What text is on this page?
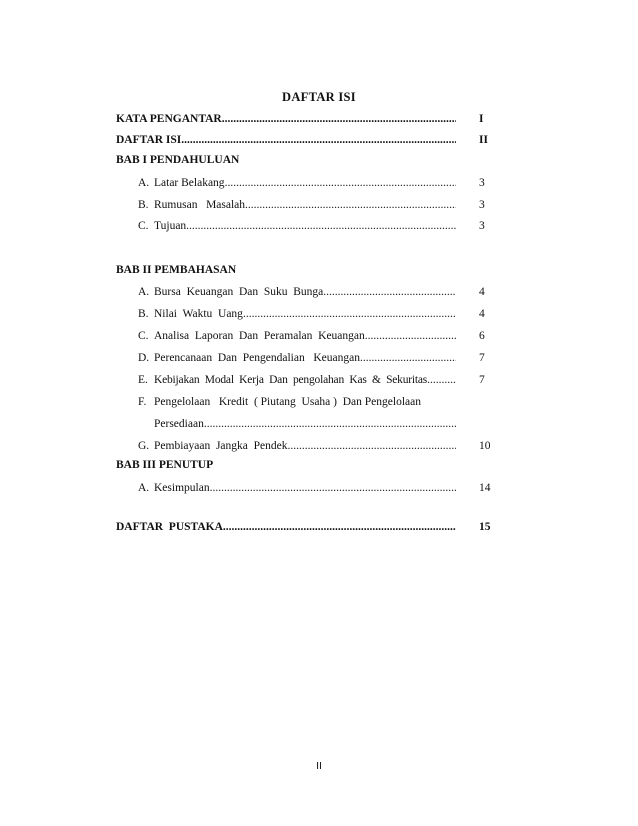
DAFTAR ISI
KATA PENGANTAR .....	I
DAFTAR ISI .....	II
BAB I PENDAHULUAN
A. Latar Belakang .....	3
B. Rumusan   Masalah .....	3
C. Tujuan .....	3
BAB II PEMBAHASAN
A. Bursa  Keuangan  Dan  Suku  Bunga .....	4
B. Nilai  Waktu  Uang .....	4
C. Analisa  Laporan  Dan  Peramalan  Keuangan. .....	6
D. Perencanaan  Dan  Pengendalian   Keuangan .....	7
E. Kebijakan  Modal  Kerja  Dan  pengolahan  Kas  &  Sekuritas .....	7
F. Pengelolaan   Kredit  ( Piutang  Usaha )  Dan Pengelolaan
Persediaan
.....
G. Pembiayaan  Jangka  Pendek .....	10
BAB III PENUTUP
A. Kesimpulan .....	14
DAFTAR  PUSTAKA .....	15
II
